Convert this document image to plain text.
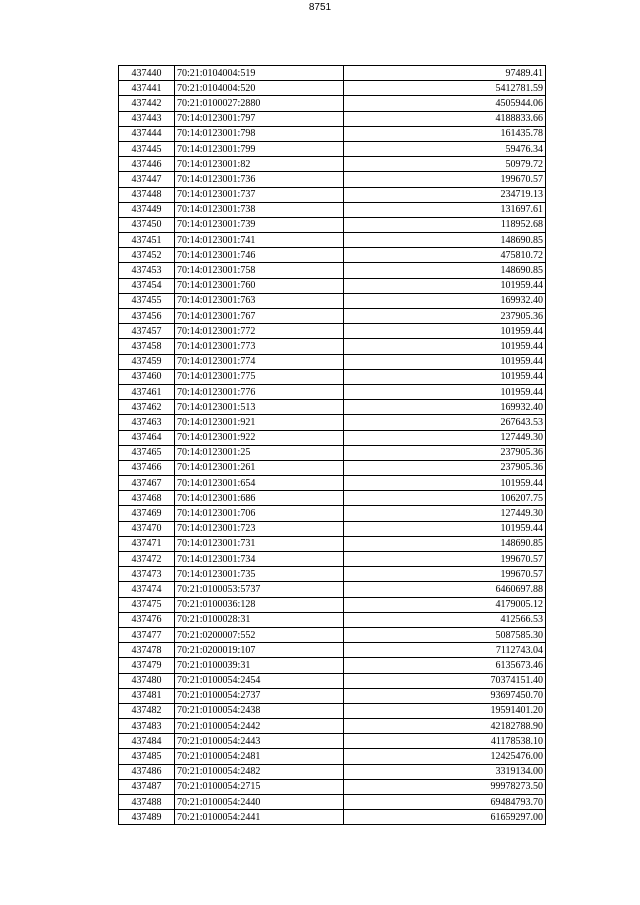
8751
437440	70:21:0104004:519	97489.41
437441	70:21:0104004:520	5412781.59
437442	70:21:0100027:2880	4505944.06
437443	70:14:0123001:797	4188833.66
437444	70:14:0123001:798	161435.78
437445	70:14:0123001:799	59476.34
437446	70:14:0123001:82	50979.72
437447	70:14:0123001:736	199670.57
437448	70:14:0123001:737	234719.13
437449	70:14:0123001:738	131697.61
437450	70:14:0123001:739	118952.68
437451	70:14:0123001:741	148690.85
437452	70:14:0123001:746	475810.72
437453	70:14:0123001:758	148690.85
437454	70:14:0123001:760	101959.44
437455	70:14:0123001:763	169932.40
437456	70:14:0123001:767	237905.36
437457	70:14:0123001:772	101959.44
437458	70:14:0123001:773	101959.44
437459	70:14:0123001:774	101959.44
437460	70:14:0123001:775	101959.44
437461	70:14:0123001:776	101959.44
437462	70:14:0123001:513	169932.40
437463	70:14:0123001:921	267643.53
437464	70:14:0123001:922	127449.30
437465	70:14:0123001:25	237905.36
437466	70:14:0123001:261	237905.36
437467	70:14:0123001:654	101959.44
437468	70:14:0123001:686	106207.75
437469	70:14:0123001:706	127449.30
437470	70:14:0123001:723	101959.44
437471	70:14:0123001:731	148690.85
437472	70:14:0123001:734	199670.57
437473	70:14:0123001:735	199670.57
437474	70:21:0100053:5737	6460697.88
437475	70:21:0100036:128	4179005.12
437476	70:21:0100028:31	412566.53
437477	70:21:0200007:552	5087585.30
437478	70:21:0200019:107	7112743.04
437479	70:21:0100039:31	6135673.46
437480	70:21:0100054:2454	70374151.40
437481	70:21:0100054:2737	93697450.70
437482	70:21:0100054:2438	19591401.20
437483	70:21:0100054:2442	42182788.90
437484	70:21:0100054:2443	41178538.10
437485	70:21:0100054:2481	12425476.00
437486	70:21:0100054:2482	3319134.00
437487	70:21:0100054:2715	99978273.50
437488	70:21:0100054:2440	69484793.70
437489	70:21:0100054:2441	61659297.00
